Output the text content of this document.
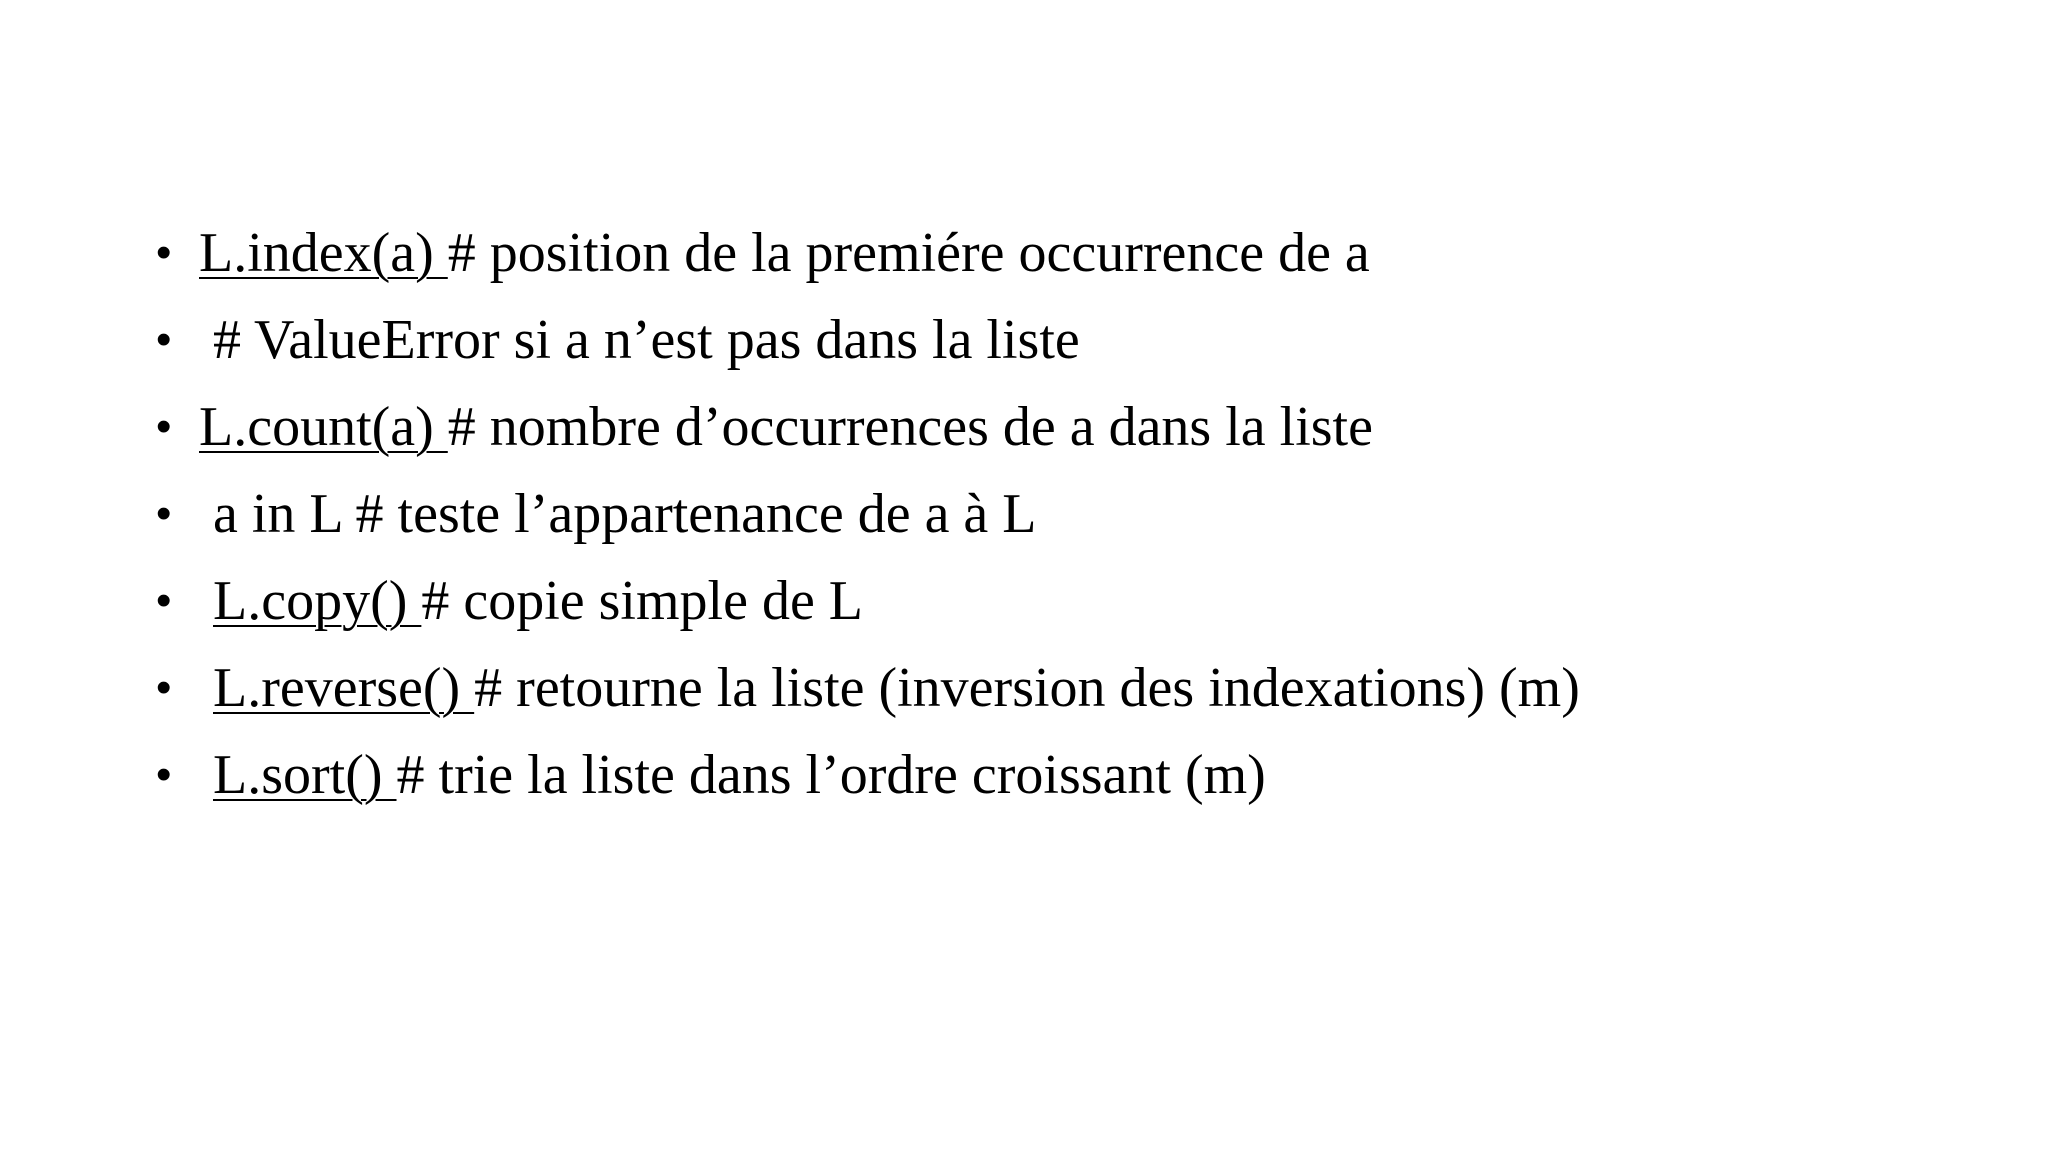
• L.index(a) # position de la premiére occurrence de a
• # ValueError si a n’est pas dans la liste
• L.count(a) # nombre d’occurrences de a dans la liste
• a in L # teste l’appartenance de a à L
• L.copy() # copie simple de L
• L.reverse() # retourne la liste (inversion des indexations) (m)
• L.sort() # trie la liste dans l’ordre croissant (m)
